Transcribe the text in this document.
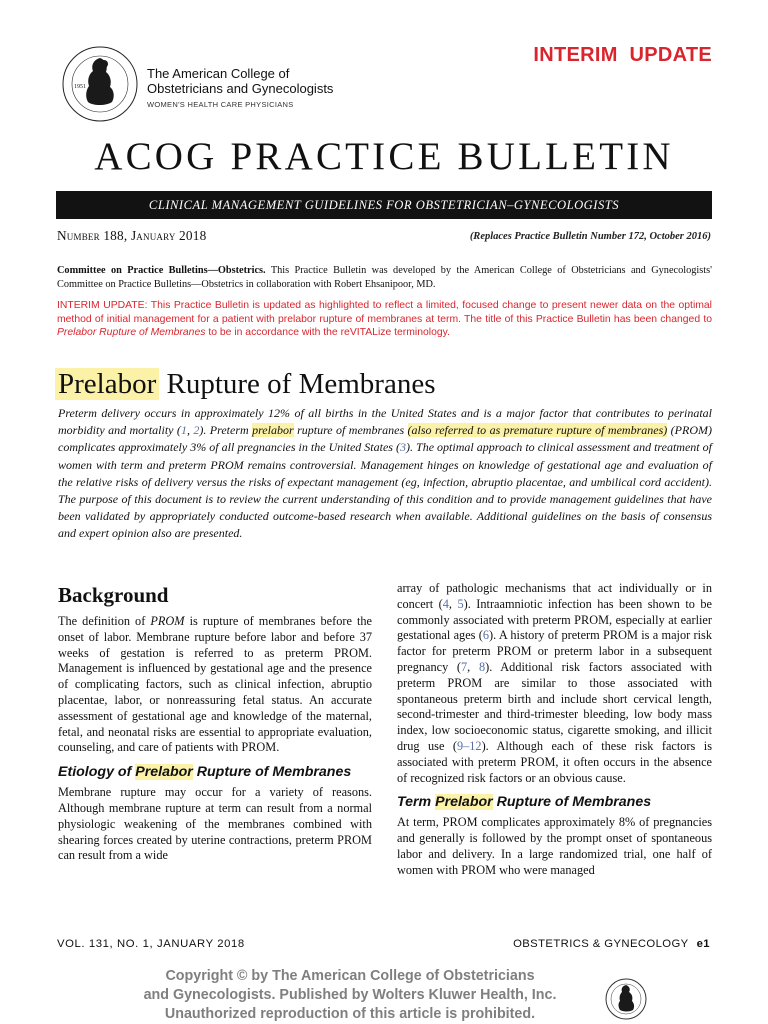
1951
The American College of
Obstetricians and Gynecologists
WOMEN'S HEALTH CARE PHYSICIANS
INTERIM  UPDATE
ACOG PRACTICE BULLETIN
CLINICAL MANAGEMENT GUIDELINES FOR OBSTETRICIAN–GYNECOLOGISTS
Number 188, January 2018	(Replaces Practice Bulletin Number 172, October 2016)
Committee on Practice Bulletins—Obstetrics. This Practice Bulletin was developed by the American College of Obstetricians and Gynecologists' Committee on Practice Bulletins—Obstetrics in collaboration with Robert Ehsanipoor, MD.
INTERIM UPDATE: This Practice Bulletin is updated as highlighted to reflect a limited, focused change to present newer data on the optimal method of initial management for a patient with prelabor rupture of membranes at term. The title of this Practice Bulletin has been changed to Prelabor Rupture of Membranes to be in accordance with the reVITALize terminology.
Prelabor Rupture of Membranes
Preterm delivery occurs in approximately 12% of all births in the United States and is a major factor that contributes to perinatal morbidity and mortality (1, 2). Preterm prelabor rupture of membranes (also referred to as premature rupture of membranes) (PROM) complicates approximately 3% of all pregnancies in the United States (3). The optimal approach to clinical assessment and treatment of women with term and preterm PROM remains controversial. Management hinges on knowledge of gestational age and evaluation of the relative risks of delivery versus the risks of expectant management (eg, infection, abruptio placentae, and umbilical cord accident). The purpose of this document is to review the current understanding of this condition and to provide management guidelines that have been validated by appropriately conducted outcome-based research when available. Additional guidelines on the basis of consensus and expert opinion also are presented.
Background

The definition of PROM is rupture of membranes before the onset of labor. Membrane rupture before labor and before 37 weeks of gestation is referred to as preterm PROM. Management is influenced by gestational age and the presence of complicating factors, such as clinical infection, abruptio placentae, labor, or nonreassuring fetal status. An accurate assessment of gestational age and knowledge of the maternal, fetal, and neonatal risks are essential to appropriate evaluation, counseling, and care of patients with PROM.

Etiology of Prelabor Rupture of Membranes

Membrane rupture may occur for a variety of reasons. Although membrane rupture at term can result from a normal physiologic weakening of the membranes combined with shearing forces created by uterine contractions, preterm PROM can result from a wide

array of pathologic mechanisms that act individually or in concert (4, 5). Intraamniotic infection has been shown to be commonly associated with preterm PROM, especially at earlier gestational ages (6). A history of preterm PROM is a major risk factor for preterm PROM or preterm labor in a subsequent pregnancy (7, 8). Additional risk factors associated with preterm PROM are similar to those associated with spontaneous preterm birth and include short cervical length, second-trimester and third-trimester bleeding, low body mass index, low socioeconomic status, cigarette smoking, and illicit drug use (9–12). Although each of these risk factors is associated with preterm PROM, it often occurs in the absence of recognized risk factors or an obvious cause.

Term Prelabor Rupture of Membranes

At term, PROM complicates approximately 8% of pregnancies and generally is followed by the prompt onset of spontaneous labor and delivery. In a large randomized trial, one half of women with PROM who were managed

VOL. 131, NO. 1, JANUARY 2018	OBSTETRICS & GYNECOLOGY e1
Copyright © by The American College of Obstetricians
and Gynecologists. Published by Wolters Kluwer Health, Inc.
Unauthorized reproduction of this article is prohibited.
